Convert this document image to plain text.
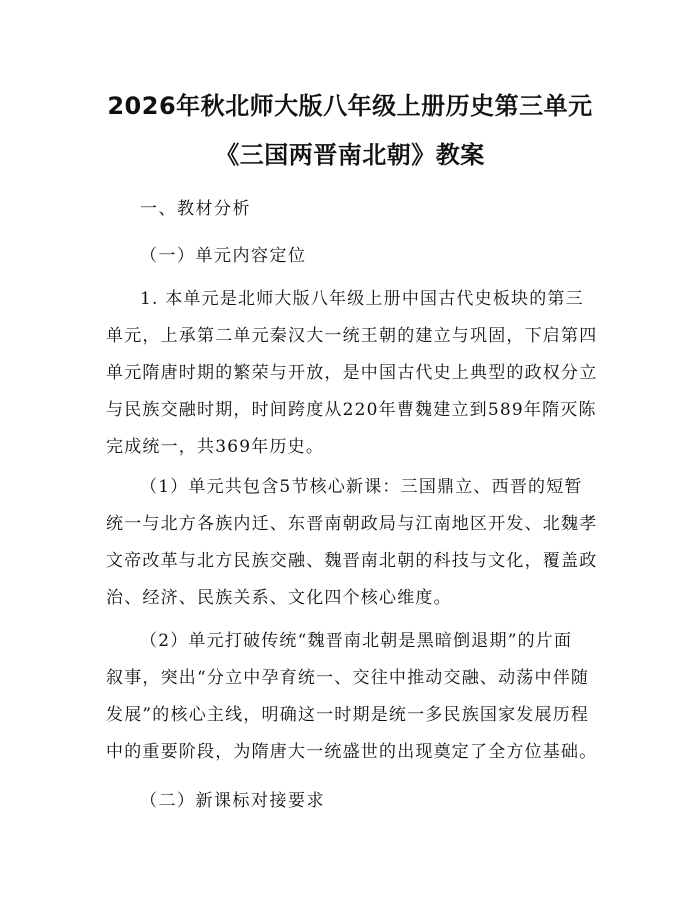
2026年秋北师大版八年级上册历史第三单元
《三国两晋南北朝》教案
一、教材分析
（一）单元内容定位
1. 本单元是北师大版八年级上册中国古代史板块的第三
单元，上承第二单元秦汉大一统王朝的建立与巩固，下启第四
单元隋唐时期的繁荣与开放，是中国古代史上典型的政权分立
与民族交融时期，时间跨度从220年曹魏建立到589年隋灭陈
完成统一，共369年历史。
（1）单元共包含5节核心新课：三国鼎立、西晋的短暂
统一与北方各族内迁、东晋南朝政局与江南地区开发、北魏孝
文帝改革与北方民族交融、魏晋南北朝的科技与文化，覆盖政
治、经济、民族关系、文化四个核心维度。
（2）单元打破传统“魏晋南北朝是黑暗倒退期”的片面
叙事，突出“分立中孕育统一、交往中推动交融、动荡中伴随
发展”的核心主线，明确这一时期是统一多民族国家发展历程
中的重要阶段，为隋唐大一统盛世的出现奠定了全方位基础。
（二）新课标对接要求
